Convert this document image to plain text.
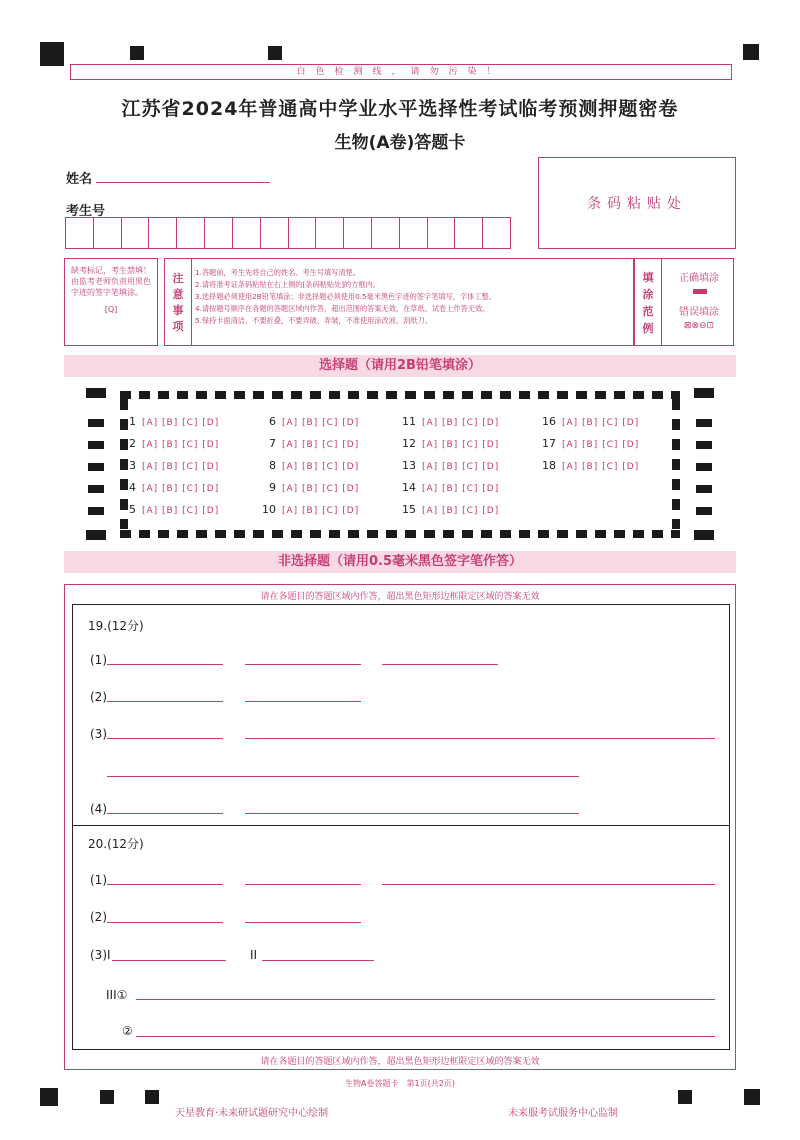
白色检测线，请勿污染！
江苏省2024年普通高中学业水平选择性考试临考预测押题密卷
生物(A卷)答题卡
姓名
考生号	条码粘贴处
缺考标记，考生禁填！由监考老师负责用黑色字迹的签字笔填涂。
[Q]
注意事项
1.答题前，考生先将自己的姓名、考生号填写清楚。
2.请将准考证条码粘贴在右上侧的[条码粘贴处]的方框内。
3.选择题必须使用2B铅笔填涂；非选择题必须使用0.5毫米黑色字迹的签字笔填写，字体工整。
4.请按题号顺序在各题的答题区域内作答，超出范围的答案无效，在草纸、试卷上作答无效。
5.保持卡面清洁，不要折叠，不要弄破、弄皱，不准使用涂改液、刮纸刀。
填涂范例
正确填涂
错误填涂
⊠⊗⊖⊡
选择题（请用2B铅笔填涂）
1 [A] [B] [C] [D]
2 [A] [B] [C] [D]
3 [A] [B] [C] [D]
4 [A] [B] [C] [D]
5 [A] [B] [C] [D]
6 [A] [B] [C] [D]
7 [A] [B] [C] [D]
8 [A] [B] [C] [D]
9 [A] [B] [C] [D]
10 [A] [B] [C] [D]
11 [A] [B] [C] [D]
12 [A] [B] [C] [D]
13 [A] [B] [C] [D]
14 [A] [B] [C] [D]
15 [A] [B] [C] [D]
16 [A] [B] [C] [D]
17 [A] [B] [C] [D]
18 [A] [B] [C] [D]
非选择题（请用0.5毫米黑色签字笔作答）
请在各题目的答题区域内作答，超出黑色矩形边框限定区域的答案无效
19.(12分)
(1)
(2)
(3)
(4)
20.(12分)
(1)
(2)
(3)I	II
III①
②
请在各题目的答题区域内作答，超出黑色矩形边框限定区域的答案无效
生物A卷答题卡　第1页(共2页)
天星教育·未来研试题研究中心绘制	未来服考试服务中心监制
